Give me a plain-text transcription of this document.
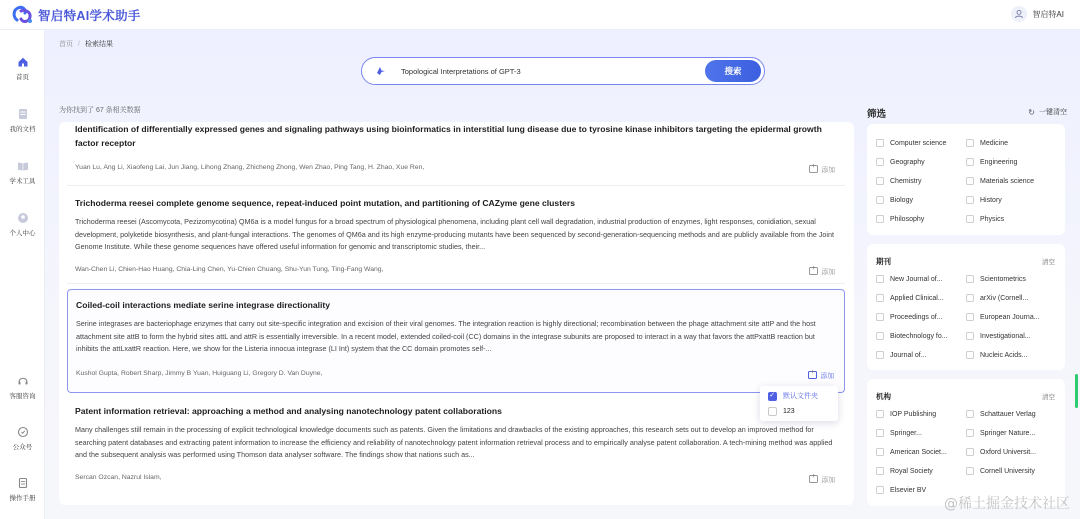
智启特AI学术助手	智启特AI
首页
我的文档
学术工具
个人中心
客服咨询
公众号
操作手册
首页 / 检索结果
Topological Interpretations of GPT-3	搜索
为你找到了 67 条相关数据
Identification of differentially expressed genes and signaling pathways using bioinformatics in interstitial lung disease due to tyrosine kinase inhibitors targeting the epidermal growth factor receptor
Yuan Lu, Ang Li, Xiaofeng Lai, Jun Jiang, Lihong Zhang, Zhicheng Zhong, Wen Zhao, Ping Tang, H. Zhao, Xue Ren, +	添加
Trichoderma reesei complete genome sequence, repeat-induced point mutation, and partitioning of CAZyme gene clusters
Trichoderma reesei (Ascomycota, Pezizomycotina) QM6a is a model fungus for a broad spectrum of physiological phenomena, including plant cell wall degradation, industrial production of enzymes, light responses, conidiation, sexual development, polyketide biosynthesis, and plant-fungal interactions. The genomes of QM6a and its high enzyme-producing mutants have been sequenced by second-generation-sequencing methods and are publicly available from the Joint Genome Institute. While these genome sequences have offered useful information for genomic and transcriptomic studies, their...
Wan-Chen Li, Chien-Hao Huang, Chia-Ling Chen, Yu-Chien Chuang, Shu-Yun Tung, Ting-Fang Wang, +	添加
Coiled-coil interactions mediate serine integrase directionality
Serine integrases are bacteriophage enzymes that carry out site-specific integration and excision of their viral genomes. The integration reaction is highly directional; recombination between the phage attachment site attP and the host attachment site attB to form the hybrid sites attL and attR is essentially irreversible. In a recent model, extended coiled-coil (CC) domains in the integrase subunits are proposed to interact in a way that favors the attPxattB reaction but inhibits the attLxattR reaction. Here, we show for the Listeria innocua integrase (LI Int) system that the CC domain promotes self-...
Kushol Gupta, Robert Sharp, Jimmy B Yuan, Huiguang Li, Gregory D. Van Duyne, +	添加
Patent information retrieval: approaching a method and analysing nanotechnology patent collaborations
Many challenges still remain in the processing of explicit technological knowledge documents such as patents. Given the limitations and drawbacks of the existing approaches, this research sets out to develop an improved method for searching patent databases and extracting patent information to increase the efficiency and reliability of nanotechnology patent information retrieval process and to empirically analyse patent collaboration. A tech-mining method was applied and the subsequent analysis was performed using Thomson data analyser software. The findings show that nations such as...
Sercan Ozcan, Nazrul Islam, +	添加
✓
默认文件夹
123
筛选	↻ 一键清空
Computer science	Medicine
Geography	Engineering
Chemistry	Materials science
Biology	History
Philosophy	Physics
期刊	清空
New Journal of...	Scientometrics
Applied Clinical...	arXiv (Cornell...
Proceedings of...	European Journa...
Biotechnology fo...	Investigational...
Journal of...	Nucleic Acids...
机构	清空
IOP Publishing	Schattauer Verlag
Springer...	Springer Nature...
American Societ...	Oxford Universit...
Royal Society	Cornell University
Elsevier BV
@稀土掘金技术社区
